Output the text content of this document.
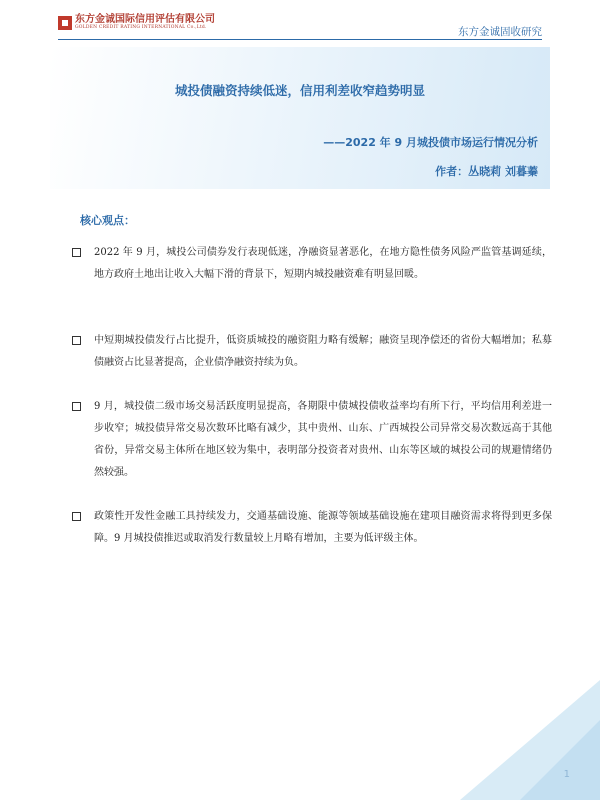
东方金诚国际信用评估有限公司
GOLDEN CREDIT RATING INTERNATIONAL Co.,Ltd.	东方金诚固收研究
城投债融资持续低迷，信用利差收窄趋势明显
——2022 年 9 月城投债市场运行情况分析
作者：丛晓莉 刘暮蓁
核心观点：
2022 年 9 月，城投公司债券发行表现低迷，净融资显著恶化，在地方隐性债务风险严监管基调延续，地方政府土地出让收入大幅下滑的背景下，短期内城投融资难有明显回暖。
中短期城投债发行占比提升，低资质城投的融资阻力略有缓解；融资呈现净偿还的省份大幅增加；私募债融资占比显著提高，企业债净融资持续为负。
9 月，城投债二级市场交易活跃度明显提高，各期限中债城投债收益率均有所下行，平均信用利差进一步收窄；城投债异常交易次数环比略有减少，其中贵州、山东、广西城投公司异常交易次数远高于其他省份，异常交易主体所在地区较为集中，表明部分投资者对贵州、山东等区域的城投公司的规避情绪仍然较强。
政策性开发性金融工具持续发力，交通基础设施、能源等领域基础设施在建项目融资需求将得到更多保障。9 月城投债推迟或取消发行数量较上月略有增加，主要为低评级主体。
1
